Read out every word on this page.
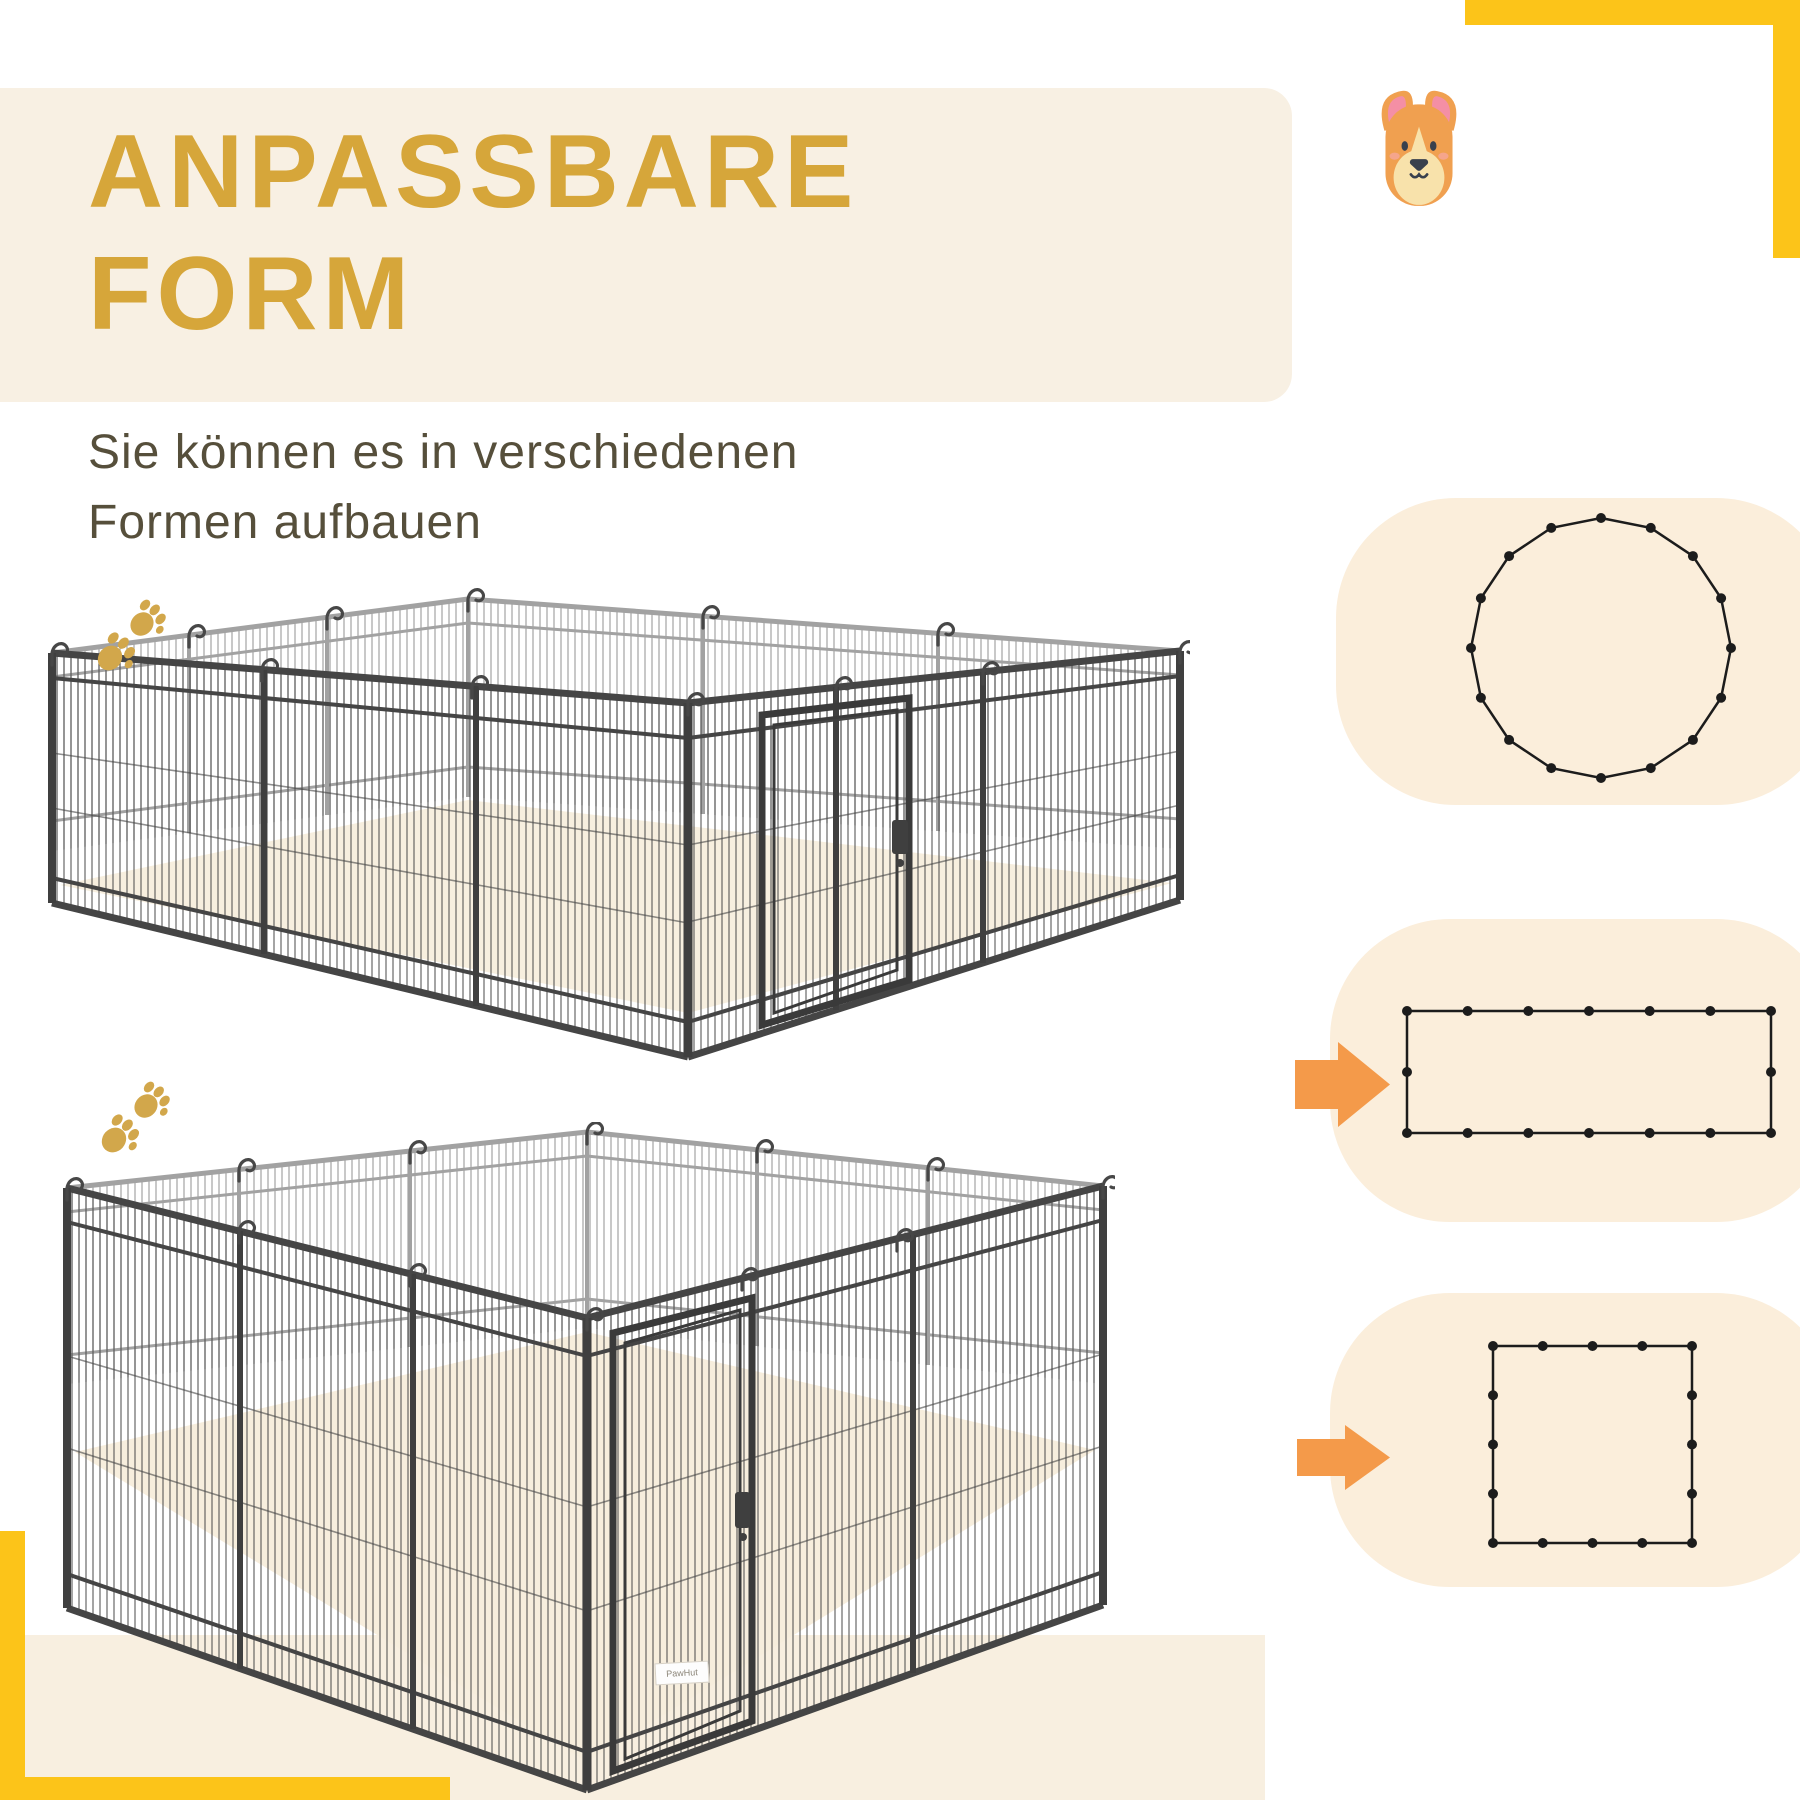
ANPASSBARE
FORM
Sie können es in verschiedenen
Formen aufbauen
PawHut
